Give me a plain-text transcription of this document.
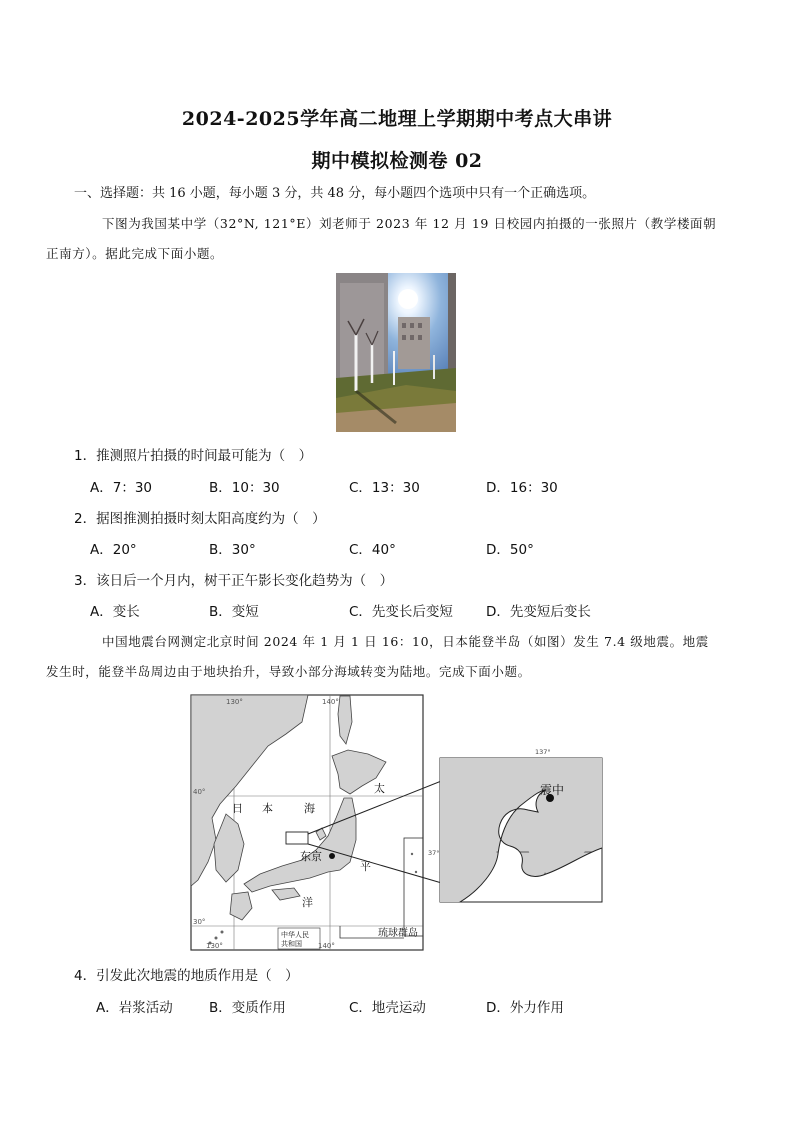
2024-2025学年高二地理上学期期中考点大串讲
期中模拟检测卷 02
一、选择题：共 16 小题，每小题 3 分，共 48 分，每小题四个选项中只有一个正确选项。
下图为我国某中学（32°N, 121°E）刘老师于 2023 年 12 月 19 日校园内拍摄的一张照片（教学楼面朝
正南方）。据此完成下面小题。
1．推测照片拍摄的时间最可能为（　）
A．7：30	B．10：30	C．13：30	D．16：30
2．据图推测拍摄时刻太阳高度约为（　）
A．20°	B．30°	C．40°	D．50°
3．该日后一个月内，树干正午影长变化趋势为（　）
A．变长	B．变短	C．先变长后变短 D．先变短后变长
中国地震台网测定北京时间 2024 年 1 月 1 日 16：10，日本能登半岛（如图）发生 7.4 级地震。地震
发生时，能登半岛周边由于地块抬升，导致小部分海域转变为陆地。完成下面小题。
130°	140°
40°
30°
130°	140°
日 本	海
太
平
洋
东京
琉球群岛
中华人民
共和国
137°
37°
震中
4．引发此次地震的地质作用是（　）
A．岩浆活动	B．变质作用	C．地壳运动	D．外力作用
